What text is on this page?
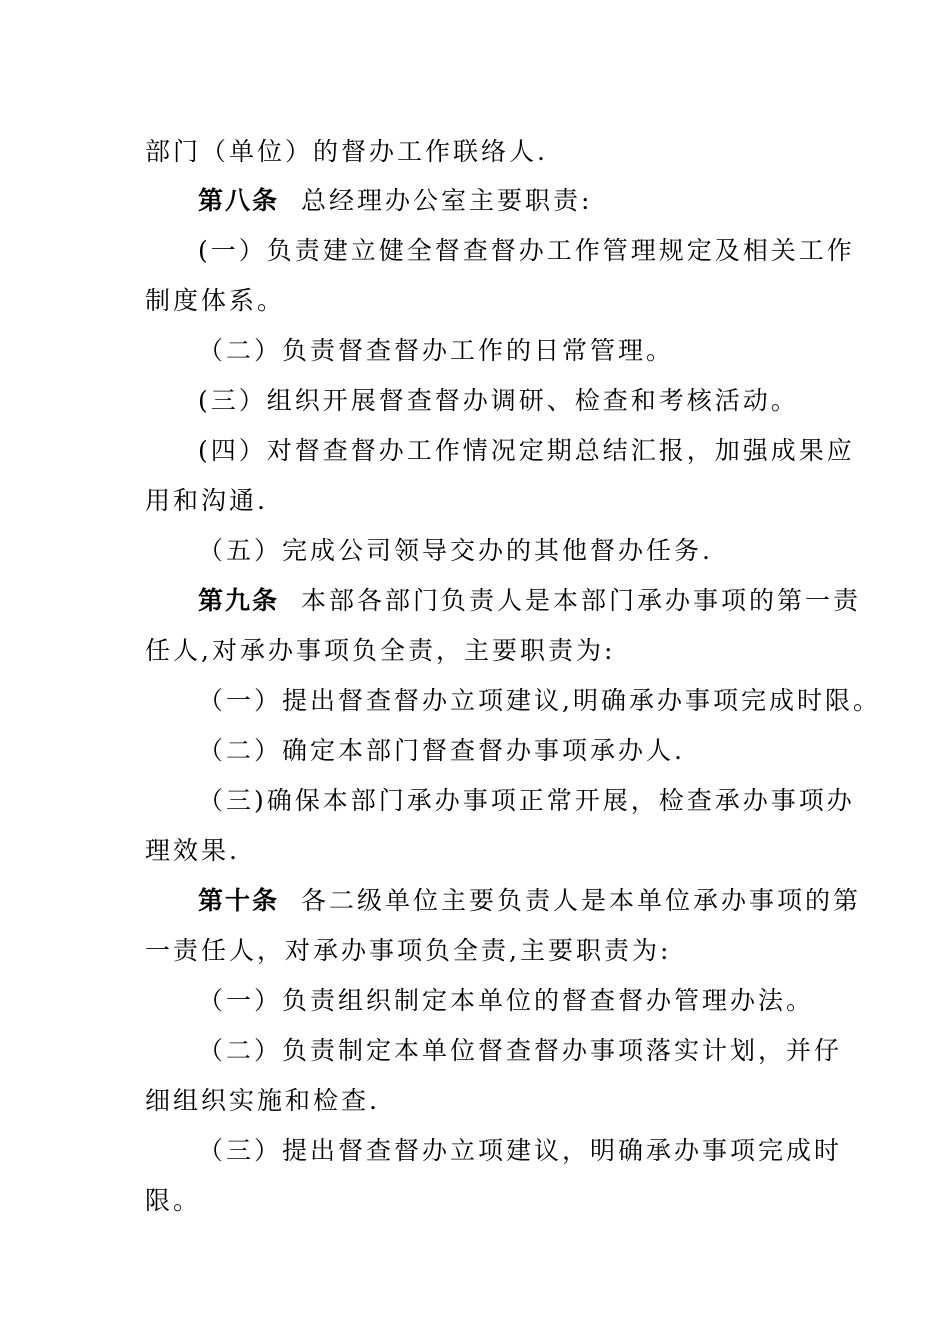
部门（单位）的督办工作联络人.
第八条 总经理办公室主要职责:
(一）负责建立健全督查督办工作管理规定及相关工作
制度体系。
（二）负责督查督办工作的日常管理。
(三）组织开展督查督办调研、检查和考核活动。
(四）对督查督办工作情况定期总结汇报，加强成果应
用和沟通.
（五）完成公司领导交办的其他督办任务.
第九条 本部各部门负责人是本部门承办事项的第一责
任人,对承办事项负全责，主要职责为:
（一）提出督查督办立项建议,明确承办事项完成时限。
（二）确定本部门督查督办事项承办人.
（三)确保本部门承办事项正常开展，检查承办事项办
理效果.
第十条 各二级单位主要负责人是本单位承办事项的第
一责任人，对承办事项负全责,主要职责为:
（一）负责组织制定本单位的督查督办管理办法。
（二）负责制定本单位督查督办事项落实计划，并仔
细组织实施和检查.
（三）提出督查督办立项建议，明确承办事项完成时
限。
